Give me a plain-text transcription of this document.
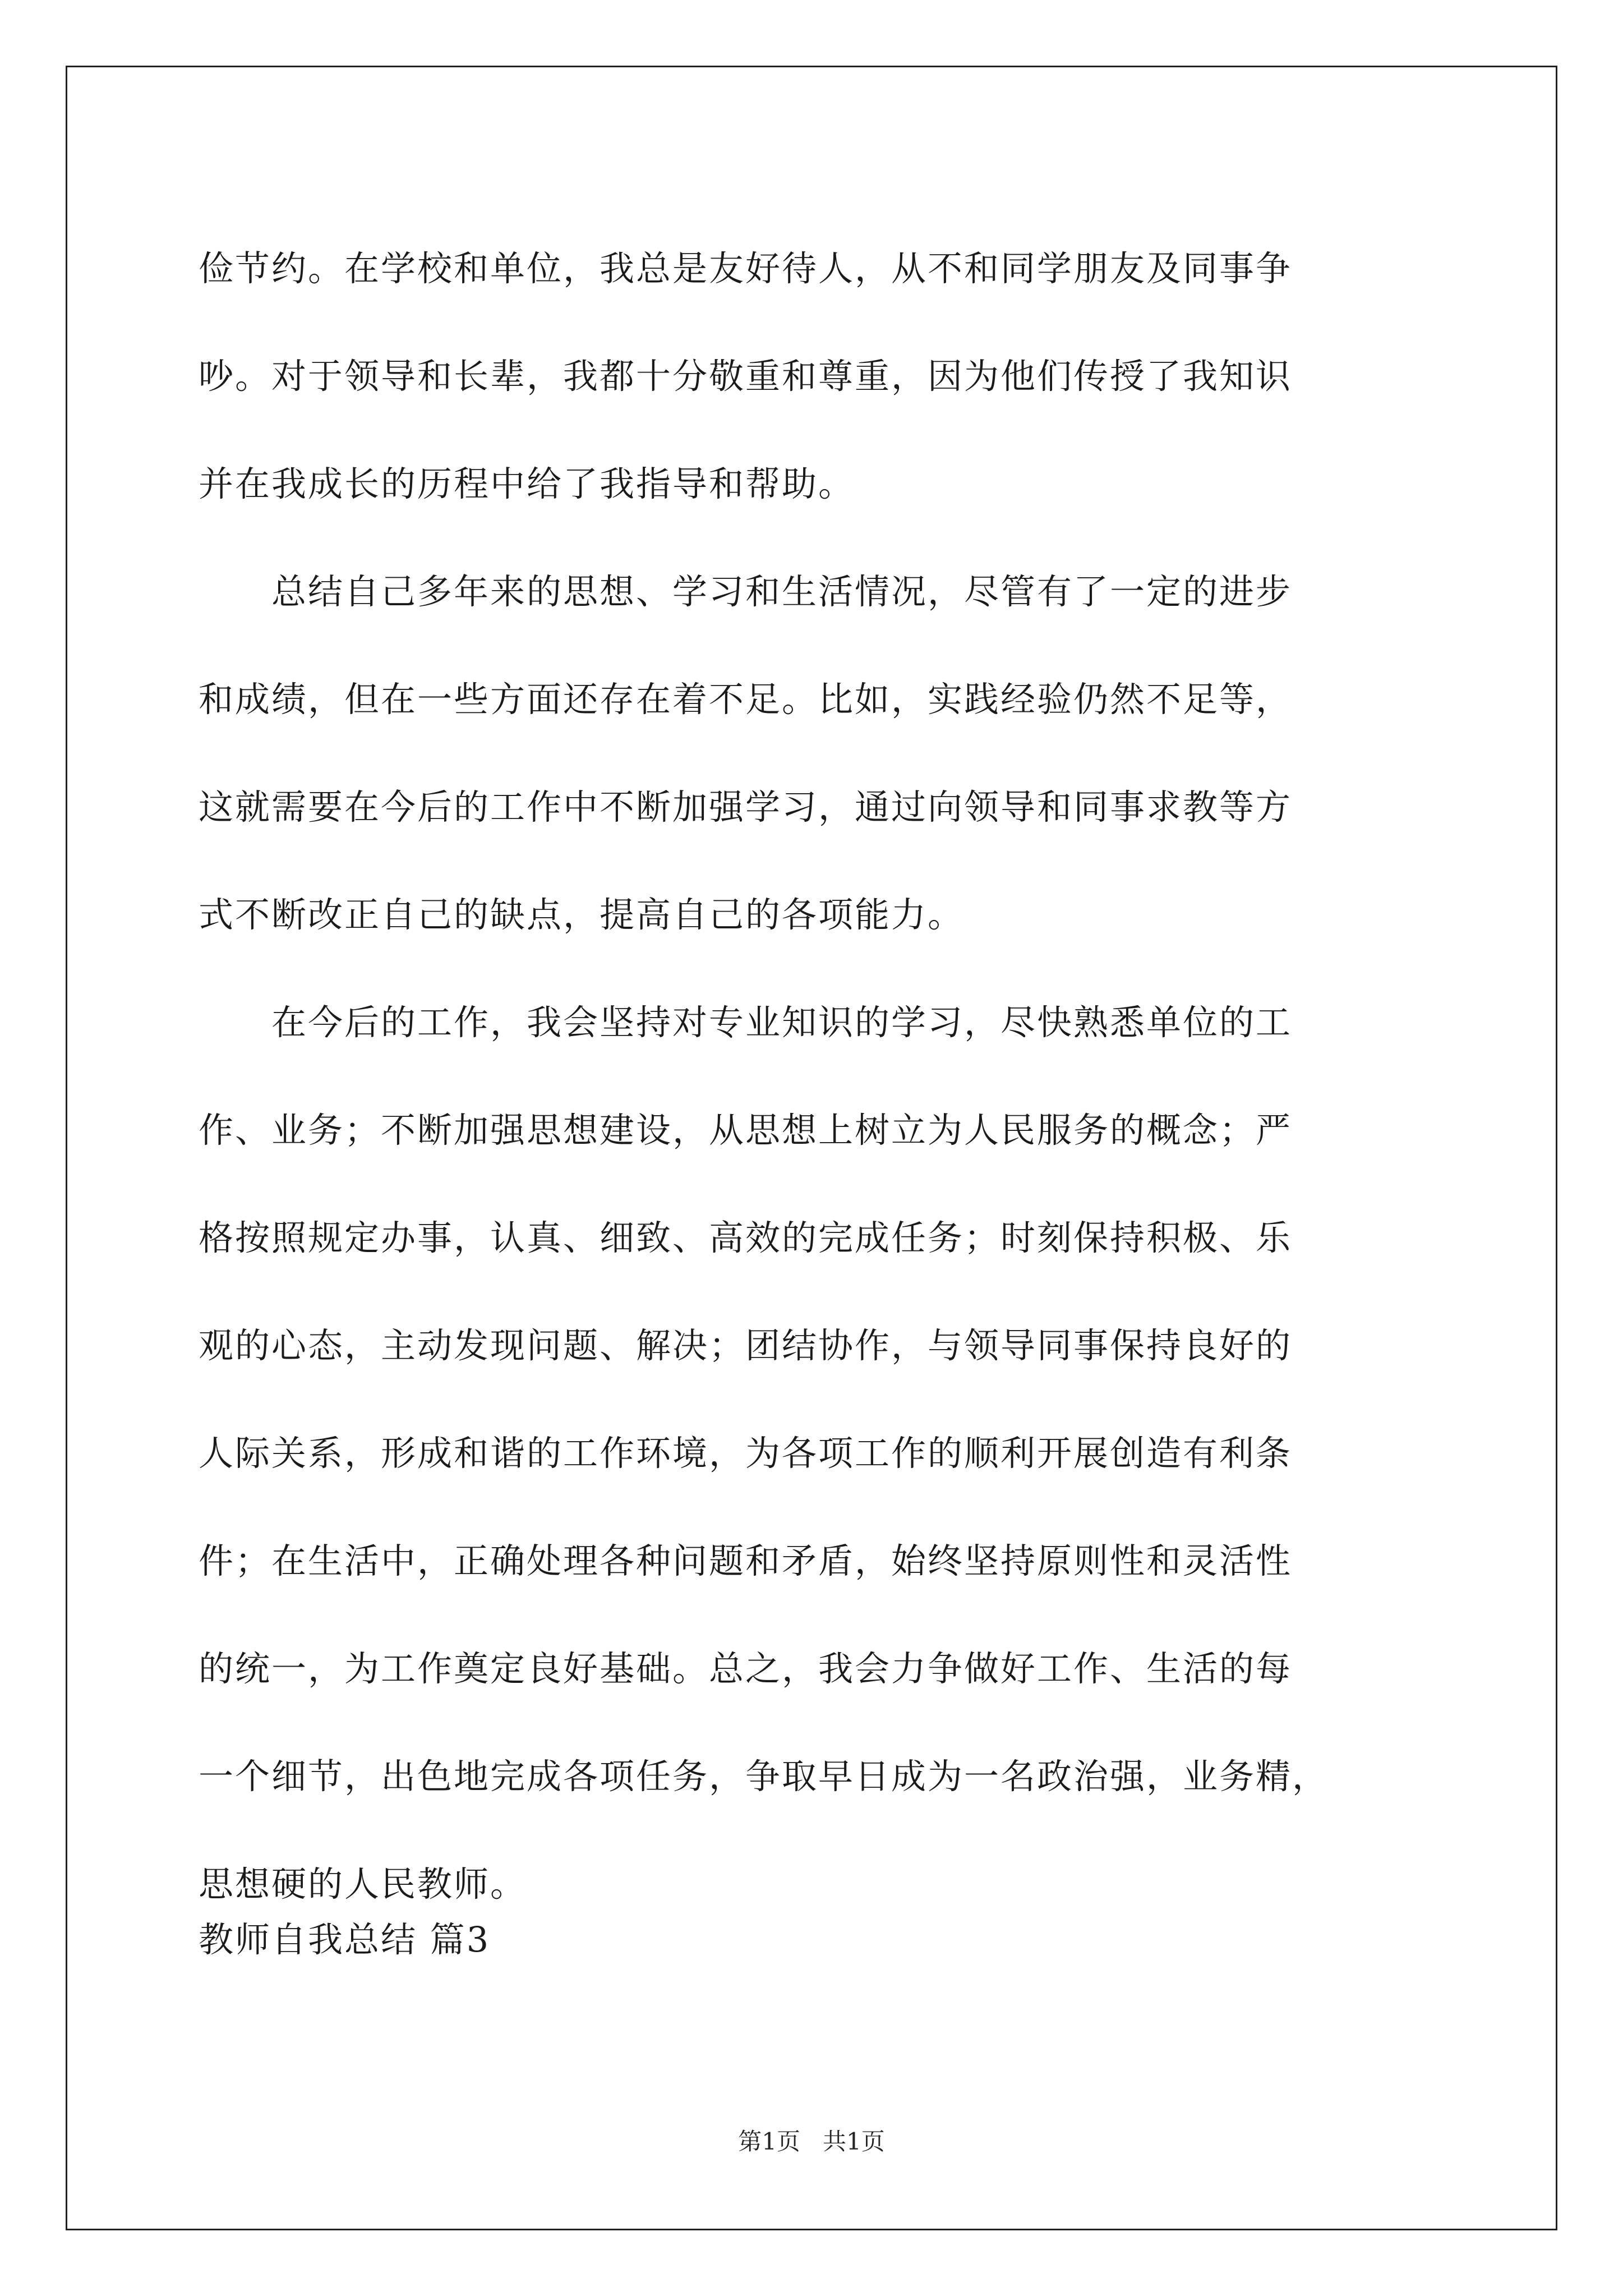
俭节约。在学校和单位，我总是友好待人，从不和同学朋友及同事争
吵。对于领导和长辈，我都十分敬重和尊重，因为他们传授了我知识
并在我成长的历程中给了我指导和帮助。
　　总结自己多年来的思想、学习和生活情况，尽管有了一定的进步
和成绩，但在一些方面还存在着不足。比如，实践经验仍然不足等，
这就需要在今后的工作中不断加强学习，通过向领导和同事求教等方
式不断改正自己的缺点，提高自己的各项能力。
　　在今后的工作，我会坚持对专业知识的学习，尽快熟悉单位的工
作、业务；不断加强思想建设，从思想上树立为人民服务的概念；严
格按照规定办事，认真、细致、高效的完成任务；时刻保持积极、乐
观的心态，主动发现问题、解决；团结协作，与领导同事保持良好的
人际关系，形成和谐的工作环境，为各项工作的顺利开展创造有利条
件；在生活中，正确处理各种问题和矛盾，始终坚持原则性和灵活性
的统一，为工作奠定良好基础。总之，我会力争做好工作、生活的每
一个细节，出色地完成各项任务，争取早日成为一名政治强，业务精，
思想硬的人民教师。
教师自我总结 篇3
第1页   共1页
